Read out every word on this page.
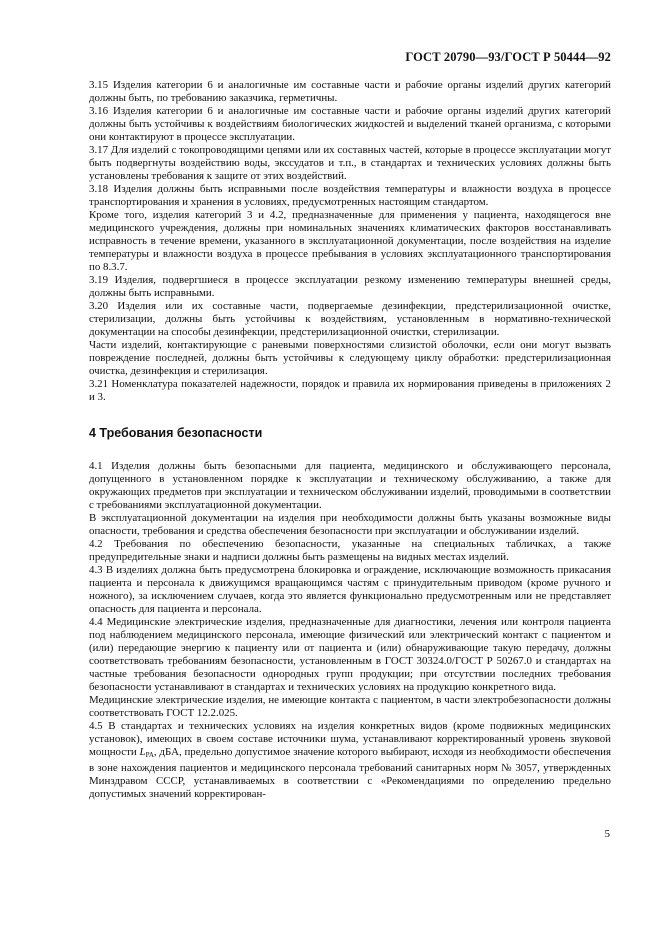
ГОСТ 20790—93/ГОСТ Р 50444—92

3.15 Изделия категории 6 и аналогичные им составные части и рабочие органы изделий других категорий должны быть, по требованию заказчика, герметичны.

3.16 Изделия категории 6 и аналогичные им составные части и рабочие органы изделий других категорий должны быть устойчивы к воздействиям биологических жидкостей и выделений тканей организма, с которыми они контактируют в процессе эксплуатации.

3.17 Для изделий с токопроводящими цепями или их составных частей, которые в процессе эксплуатации могут быть подвергнуты воздействию воды, экссудатов и т.п., в стандартах и технических условиях должны быть установлены требования к защите от этих воздействий.

3.18 Изделия должны быть исправными после воздействия температуры и влажности воздуха в процессе транспортирования и хранения в условиях, предусмотренных настоящим стандартом.

Кроме того, изделия категорий 3 и 4.2, предназначенные для применения у пациента, находящегося вне медицинского учреждения, должны при номинальных значениях климатических факторов восстанавливать исправность в течение времени, указанного в эксплуатационной документации, после воздействия на изделие температуры и влажности воздуха в процессе пребывания в условиях эксплуатационного транспортирования по 8.3.7.

3.19 Изделия, подвергшиеся в процессе эксплуатации резкому изменению температуры внешней среды, должны быть исправными.

3.20 Изделия или их составные части, подвергаемые дезинфекции, предстерилизационной очистке, стерилизации, должны быть устойчивы к воздействиям, установленным в нормативно-технической документации на способы дезинфекции, предстерилизационной очистки, стерилизации.

Части изделий, контактирующие с раневыми поверхностями слизистой оболочки, если они могут вызвать повреждение последней, должны быть устойчивы к следующему циклу обработки: предстерилизационная очистка, дезинфекция и стерилизация.

3.21 Номенклатура показателей надежности, порядок и правила их нормирования приведены в приложениях 2 и 3.

4 Требования безопасности

4.1 Изделия должны быть безопасными для пациента, медицинского и обслуживающего персонала, допущенного в установленном порядке к эксплуатации и техническому обслуживанию, а также для окружающих предметов при эксплуатации и техническом обслуживании изделий, проводимыми в соответствии с требованиями эксплуатационной документации.

В эксплуатационной документации на изделия при необходимости должны быть указаны возможные виды опасности, требования и средства обеспечения безопасности при эксплуатации и обслуживании изделий.

4.2 Требования по обеспечению безопасности, указанные на специальных табличках, а также предупредительные знаки и надписи должны быть размещены на видных местах изделий.

4.3 В изделиях должна быть предусмотрена блокировка и ограждение, исключающие возможность прикасания пациента и персонала к движущимся вращающимся частям с принудительным приводом (кроме ручного и ножного), за исключением случаев, когда это является функционально предусмотренным или не представляет опасность для пациента и персонала.

4.4 Медицинские электрические изделия, предназначенные для диагностики, лечения или контроля пациента под наблюдением медицинского персонала, имеющие физический или электрический контакт с пациентом и (или) передающие энергию к пациенту или от пациента и (или) обнаруживающие такую передачу, должны соответствовать требованиям безопасности, установленным в ГОСТ 30324.0/ГОСТ Р 50267.0 и стандартах на частные требования безопасности однородных групп продукции; при отсутствии последних требования безопасности устанавливают в стандартах и технических условиях на продукцию конкретного вида.

Медицинские электрические изделия, не имеющие контакта с пациентом, в части электробезопасности должны соответствовать ГОСТ 12.2.025.

4.5 В стандартах и технических условиях на изделия конкретных видов (кроме подвижных медицинских установок), имеющих в своем составе источники шума, устанавливают корректированный уровень звуковой мощности $L_{PA}$, дБА, предельно допустимое значение которого выбирают, исходя из необходимости обеспечения в зоне нахождения пациентов и медицинского персонала требований санитарных норм № 3057, утвержденных Минздравом СССР, устанавливаемых в соответствии с «Рекомендациями по определению предельно допустимых значений корректирован-

5
